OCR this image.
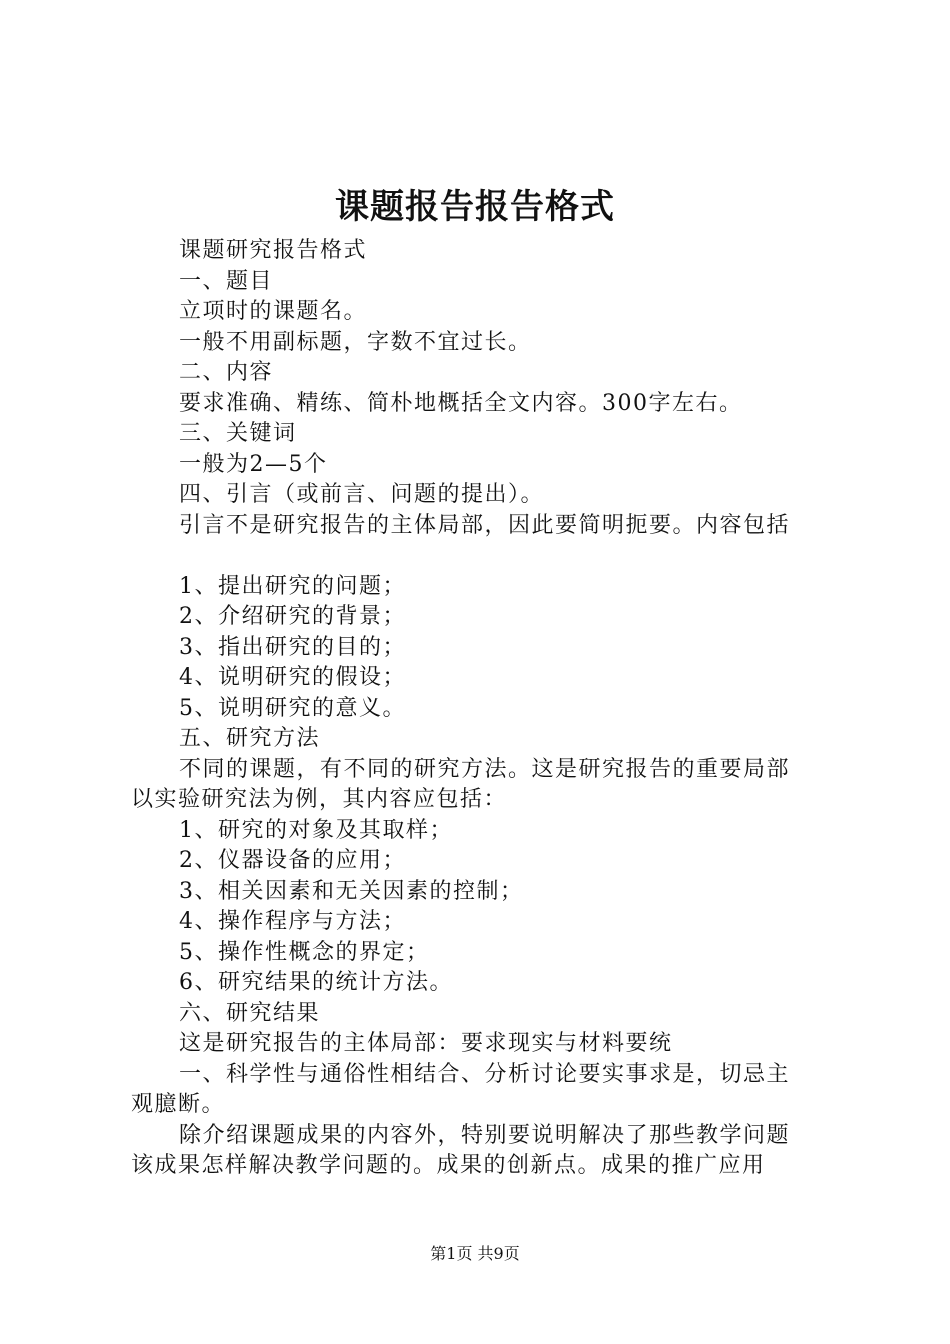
课题报告报告格式
课题研究报告格式
一、题目
立项时的课题名。
一般不用副标题，字数不宜过长。
二、内容
要求准确、精练、简朴地概括全文内容。300字左右。
三、关键词
一般为2—5个
四、引言（或前言、问题的提出）。
引言不是研究报告的主体局部，因此要简明扼要。内容包括
1、提出研究的问题；
2、介绍研究的背景；
3、指出研究的目的；
4、说明研究的假设；
5、说明研究的意义。
五、研究方法
不同的课题，有不同的研究方法。这是研究报告的重要局部
以实验研究法为例，其内容应包括：
1、研究的对象及其取样；
2、仪器设备的应用；
3、相关因素和无关因素的控制；
4、操作程序与方法；
5、操作性概念的界定；
6、研究结果的统计方法。
六、研究结果
这是研究报告的主体局部：要求现实与材料要统
一、科学性与通俗性相结合、分析讨论要实事求是，切忌主
观臆断。
除介绍课题成果的内容外，特别要说明解决了那些教学问题
该成果怎样解决教学问题的。成果的创新点。成果的推广应用
第1页 共9页
